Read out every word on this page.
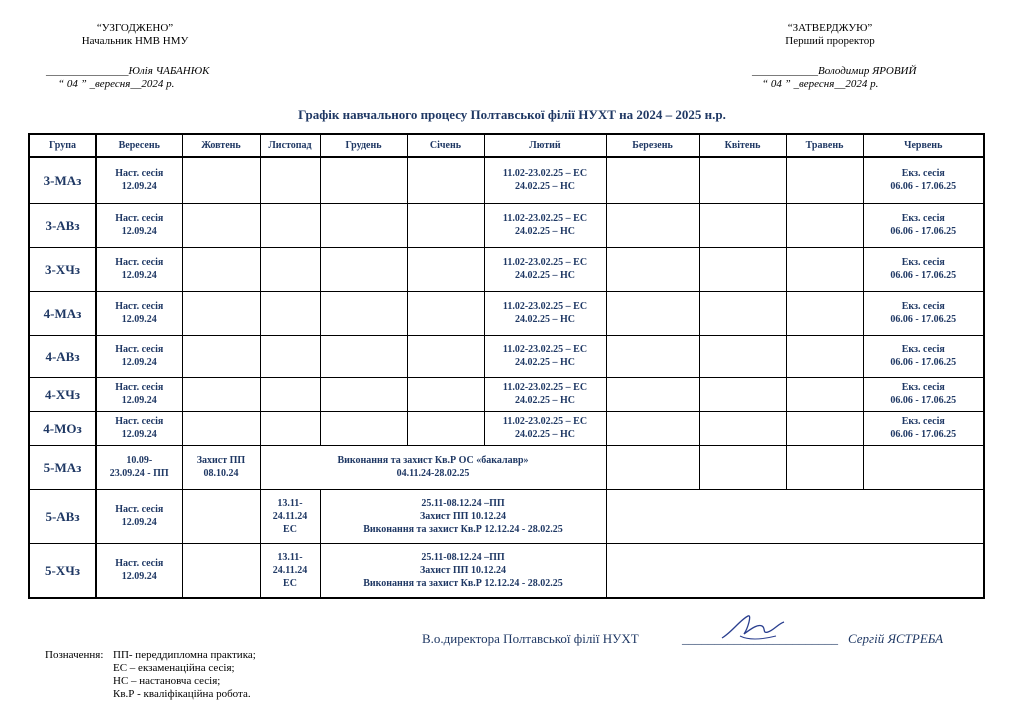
“УЗГОДЖЕНО”
Начальник НМВ НМУ
_______________Юлія ЧАБАНЮК
“ 04 ” _вересня__2024 р.
“ЗАТВЕРДЖУЮ”
Перший проректор
____________Володимир ЯРОВИЙ
“ 04 ” _вересня__2024 р.
Графік навчального процесу Полтавської філії НУХТ на 2024 – 2025 н.р.
Група	Вересень	Жовтень	Листопад	Грудень	Січень	Лютий	Березень	Квітень	Травень	Червень
3-МАз	Наст. сесія
12.09.24					11.02-23.02.25 – ЕС
24.02.25 – НС				Екз. сесія
06.06 - 17.06.25
3-АВз	Наст. сесія
12.09.24					11.02-23.02.25 – ЕС
24.02.25 – НС				Екз. сесія
06.06 - 17.06.25
3-ХЧз	Наст. сесія
12.09.24					11.02-23.02.25 – ЕС
24.02.25 – НС				Екз. сесія
06.06 - 17.06.25
4-МАз	Наст. сесія
12.09.24					11.02-23.02.25 – ЕС
24.02.25 – НС				Екз. сесія
06.06 - 17.06.25
4-АВз	Наст. сесія
12.09.24					11.02-23.02.25 – ЕС
24.02.25 – НС				Екз. сесія
06.06 - 17.06.25
4-ХЧз	Наст. сесія
12.09.24					11.02-23.02.25 – ЕС
24.02.25 – НС				Екз. сесія
06.06 - 17.06.25
4-МОз	Наст. сесія
12.09.24					11.02-23.02.25 – ЕС
24.02.25 – НС				Екз. сесія
06.06 - 17.06.25
5-МАз	10.09-
23.09.24 - ПП	Захист ПП
08.10.24	Виконання та захист Кв.Р ОС «бакалавр»
04.11.24-28.02.25							
5-АВз	Наст. сесія
12.09.24		13.11-
24.11.24
ЕС	25.11-08.12.24 –ПП
Захист ПП 10.12.24
Виконання та захист Кв.Р 12.12.24 - 28.02.25						
5-ХЧз	Наст. сесія
12.09.24		13.11-
24.11.24
ЕС	25.11-08.12.24 –ПП
Захист ПП 10.12.24
Виконання та захист Кв.Р 12.12.24 - 28.02.25						
В.о.директора Полтавської філії НУХТ	________________________ Сергій ЯСТРЕБА
Позначення: ПП- переддипломна практика;
ЕС – екзаменаційна сесія;
НС – настановча сесія;
Кв.Р - кваліфікаційна робота.
